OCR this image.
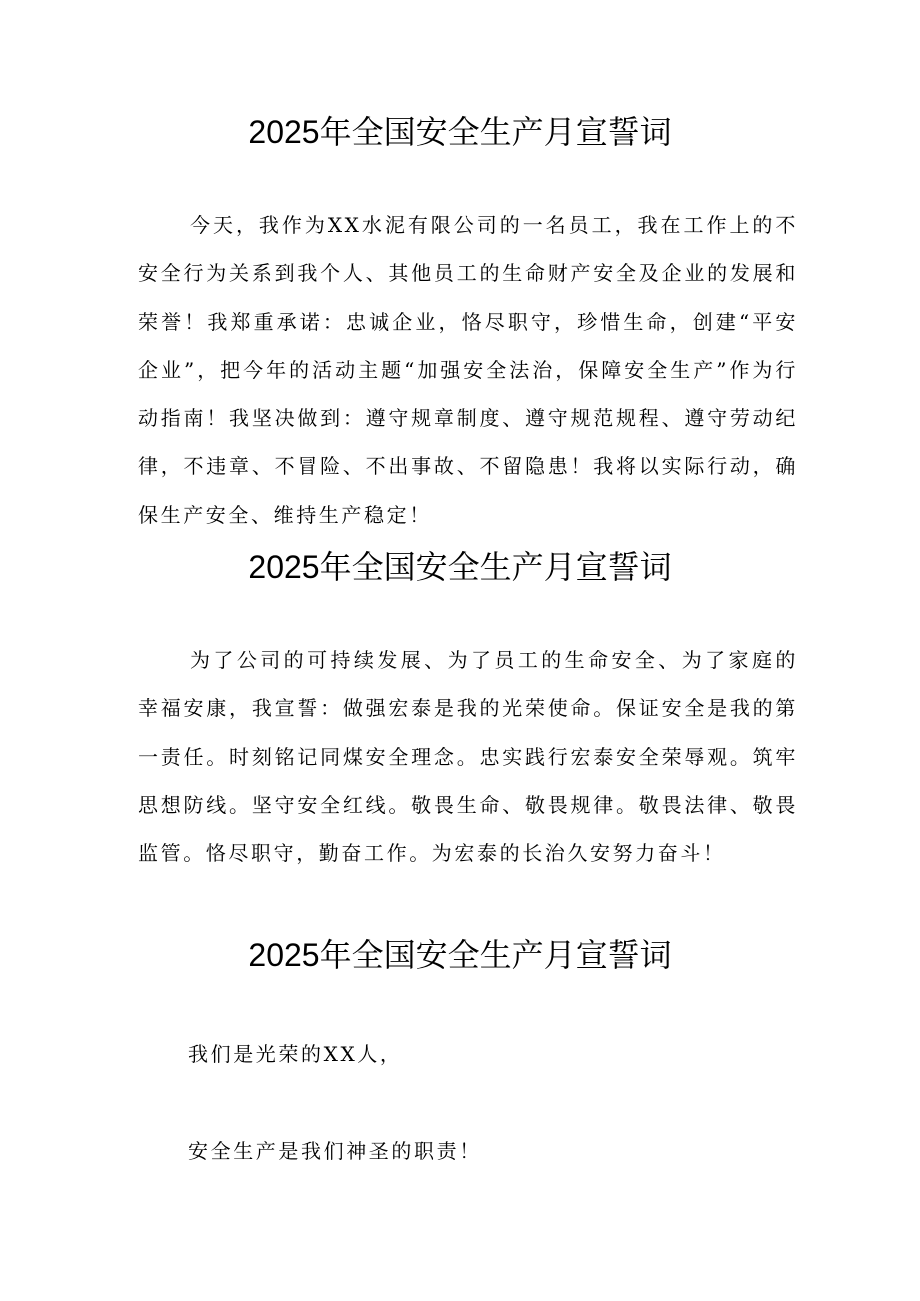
2025年全国安全生产月宣誓词

今天，我作为XX水泥有限公司的一名员工，我在工作上的不安全行为关系到我个人、其他员工的生命财产安全及企业的发展和荣誉！我郑重承诺：忠诚企业，恪尽职守，珍惜生命，创建“平安企业”，把今年的活动主题“加强安全法治，保障安全生产”作为行动指南！我坚决做到：遵守规章制度、遵守规范规程、遵守劳动纪律，不违章、不冒险、不出事故、不留隐患！我将以实际行动，确保生产安全、维持生产稳定！

2025年全国安全生产月宣誓词

为了公司的可持续发展、为了员工的生命安全、为了家庭的幸福安康，我宣誓：做强宏泰是我的光荣使命。保证安全是我的第一责任。时刻铭记同煤安全理念。忠实践行宏泰安全荣辱观。筑牢思想防线。坚守安全红线。敬畏生命、敬畏规律。敬畏法律、敬畏监管。恪尽职守，勤奋工作。为宏泰的长治久安努力奋斗！

2025年全国安全生产月宣誓词

我们是光荣的XX人，

安全生产是我们神圣的职责！
